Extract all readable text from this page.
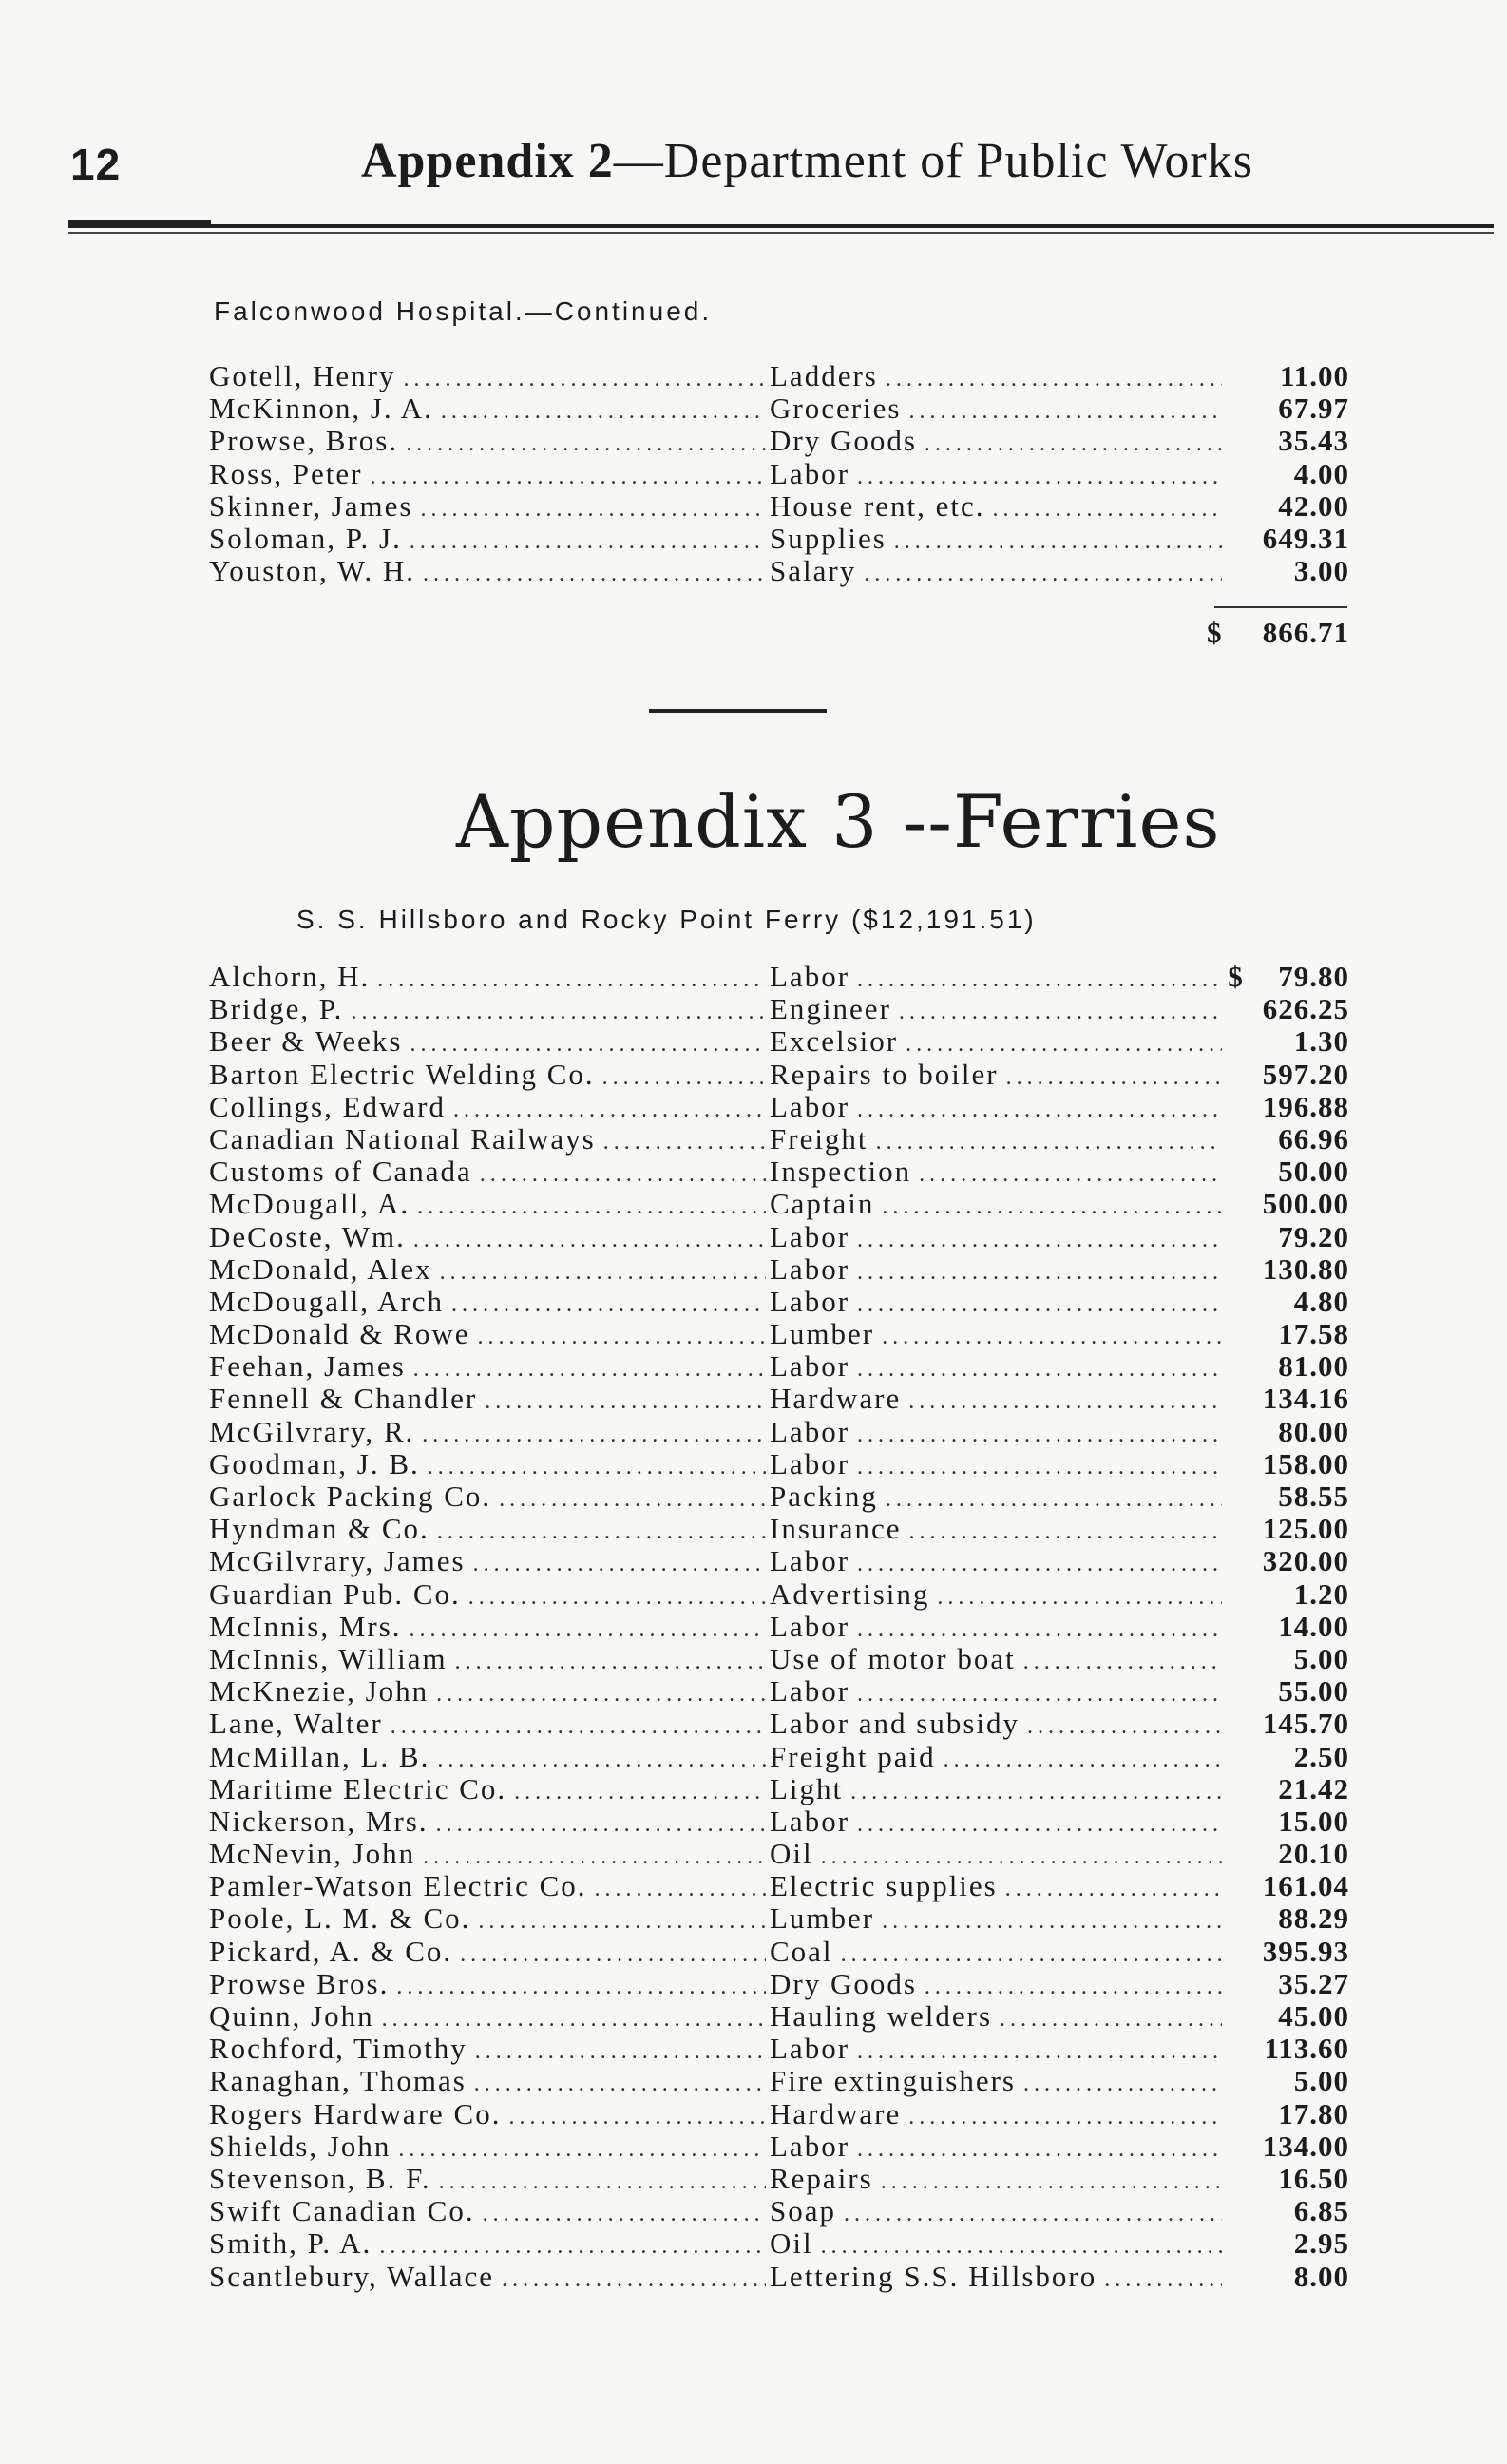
12	Appendix 2—Department of Public Works
Falconwood Hospital.—Continued.
Gotell, Henry .....	Ladders .....	11.00
McKinnon, J. A. .....	Groceries .....	67.97
Prowse, Bros. .....	Dry Goods .....	35.43
Ross, Peter .....	Labor .....	4.00
Skinner, James .....	House rent, etc. .....	42.00
Soloman, P. J. .....	Supplies .....	649.31
Youston, W. H. .....	Salary .....	3.00
$	866.71
Appendix 3 --Ferries
S. S. Hillsboro and Rocky Point Ferry ($12,191.51)
Alchorn, H. .....	Labor .....	$	79.80
Bridge, P. .....	Engineer .....	626.25
Beer & Weeks .....	Excelsior .....	1.30
Barton Electric Welding Co. .....	Repairs to boiler .....	597.20
Collings, Edward .....	Labor .....	196.88
Canadian National Railways .....	Freight .....	66.96
Customs of Canada .....	Inspection .....	50.00
McDougall, A. .....	Captain .....	500.00
DeCoste, Wm. .....	Labor .....	79.20
McDonald, Alex .....	Labor .....	130.80
McDougall, Arch .....	Labor .....	4.80
McDonald & Rowe .....	Lumber .....	17.58
Feehan, James .....	Labor .....	81.00
Fennell & Chandler .....	Hardware .....	134.16
McGilvrary, R. .....	Labor .....	80.00
Goodman, J. B. .....	Labor .....	158.00
Garlock Packing Co. .....	Packing .....	58.55
Hyndman & Co. .....	Insurance .....	125.00
McGilvrary, James .....	Labor .....	320.00
Guardian Pub. Co. .....	Advertising .....	1.20
McInnis, Mrs. .....	Labor .....	14.00
McInnis, William .....	Use of motor boat .....	5.00
McKnezie, John .....	Labor .....	55.00
Lane, Walter .....	Labor and subsidy .....	145.70
McMillan, L. B. .....	Freight paid .....	2.50
Maritime Electric Co. .....	Light .....	21.42
Nickerson, Mrs. .....	Labor .....	15.00
McNevin, John .....	Oil .....	20.10
Pamler-Watson Electric Co. .....	Electric supplies .....	161.04
Poole, L. M. & Co. .....	Lumber .....	88.29
Pickard, A. & Co. .....	Coal .....	395.93
Prowse Bros. .....	Dry Goods .....	35.27
Quinn, John .....	Hauling welders .....	45.00
Rochford, Timothy .....	Labor .....	113.60
Ranaghan, Thomas .....	Fire extinguishers .....	5.00
Rogers Hardware Co. .....	Hardware .....	17.80
Shields, John .....	Labor .....	134.00
Stevenson, B. F. .....	Repairs .....	16.50
Swift Canadian Co. .....	Soap .....	6.85
Smith, P. A. .....	Oil .....	2.95
Scantlebury, Wallace .....	Lettering S.S. Hillsboro .....	8.00
